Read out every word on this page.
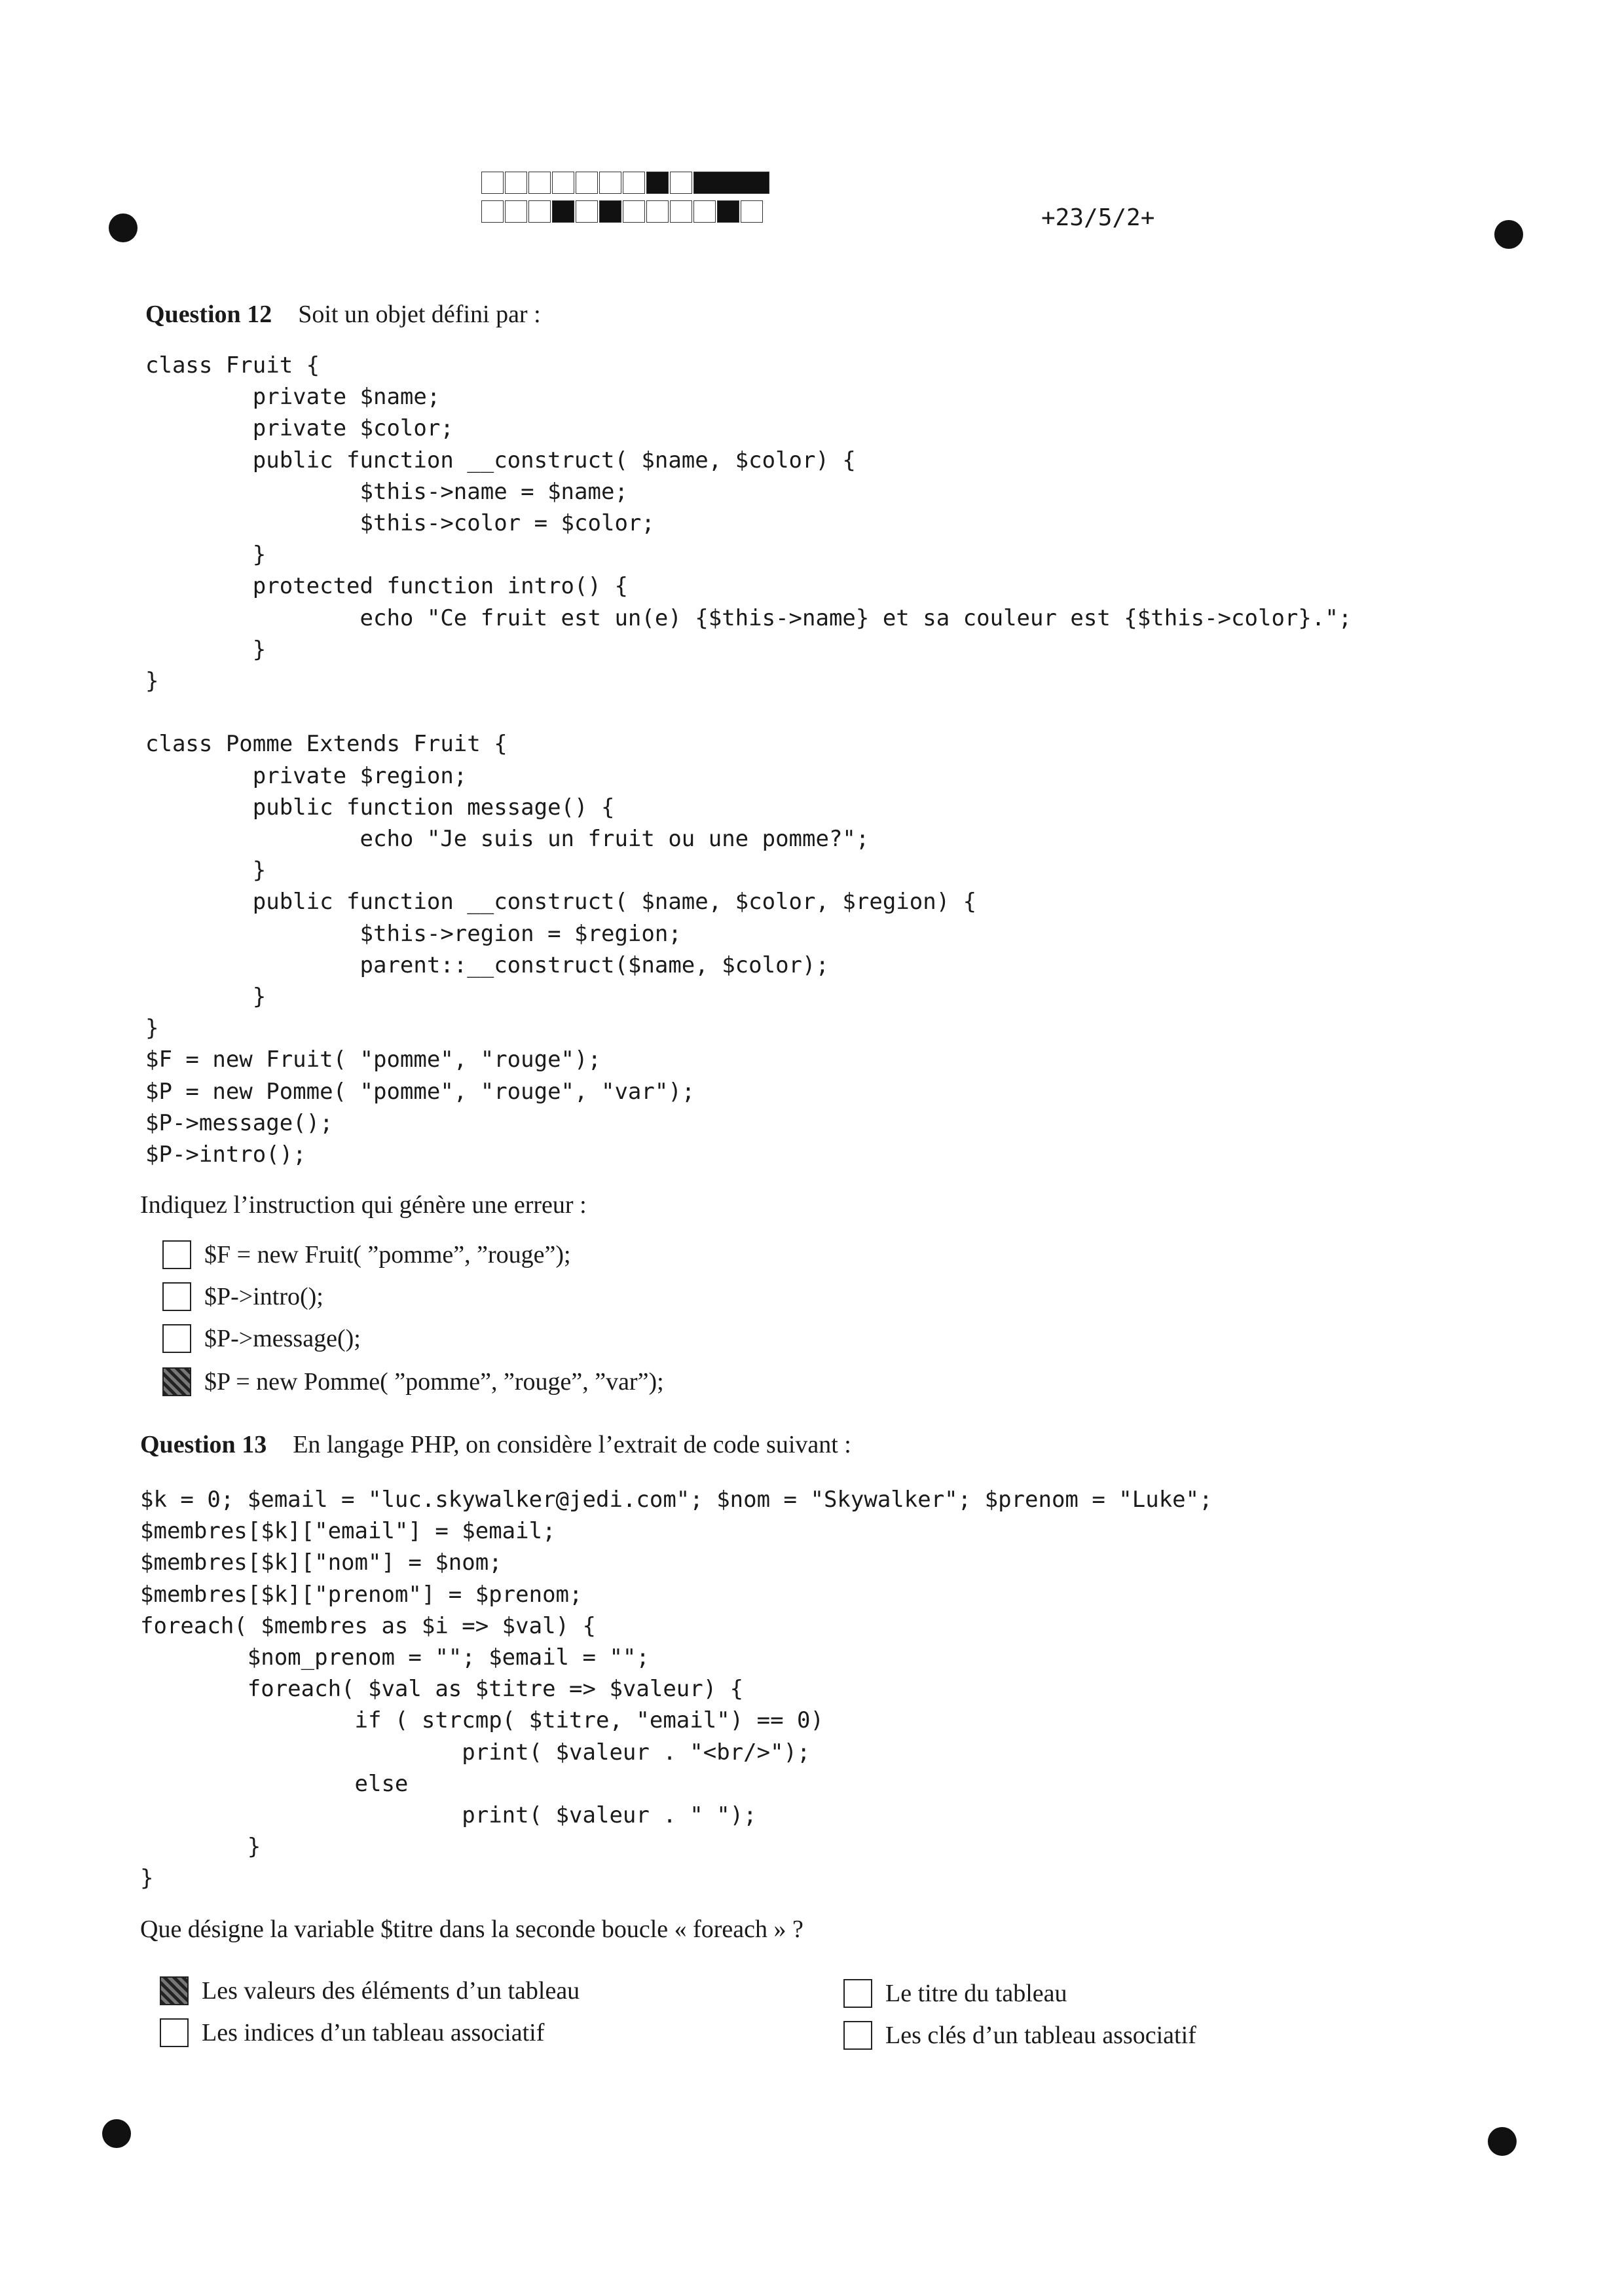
+23/5/2+
Question 12 Soit un objet défini par :
class Fruit {
private $name;
private $color;
public function __construct( $name, $color) {
$this->name = $name;
$this->color = $color;
}
protected function intro() {
echo "Ce fruit est un(e) {$this->name} et sa couleur est {$this->color}.";
}
}

class Pomme Extends Fruit {
private $region;
public function message() {
echo "Je suis un fruit ou une pomme?";
}
public function __construct( $name, $color, $region) {
$this->region = $region;
parent::__construct($name, $color);
}
}
$F = new Fruit( "pomme", "rouge");
$P = new Pomme( "pomme", "rouge", "var");
$P->message();
$P->intro();
Indiquez l’instruction qui génère une erreur :
$F = new Fruit( ”pomme”, ”rouge”);
$P->intro();
$P->message();
$P = new Pomme( ”pomme”, ”rouge”, ”var”);
Question 13 En langage PHP, on considère l’extrait de code suivant :
$k = 0; $email = "luc.skywalker@jedi.com"; $nom = "Skywalker"; $prenom = "Luke";
$membres[$k]["email"] = $email;
$membres[$k]["nom"] = $nom;
$membres[$k]["prenom"] = $prenom;
foreach( $membres as $i => $val) {
$nom_prenom = ""; $email = "";
foreach( $val as $titre => $valeur) {
if ( strcmp( $titre, "email") == 0)
print( $valeur . "<br/>");
else
print( $valeur . " ");
}
}
Que désigne la variable $titre dans la seconde boucle « foreach » ?
Les valeurs des éléments d’un tableau	Le titre du tableau
Les indices d’un tableau associatif	Les clés d’un tableau associatif
